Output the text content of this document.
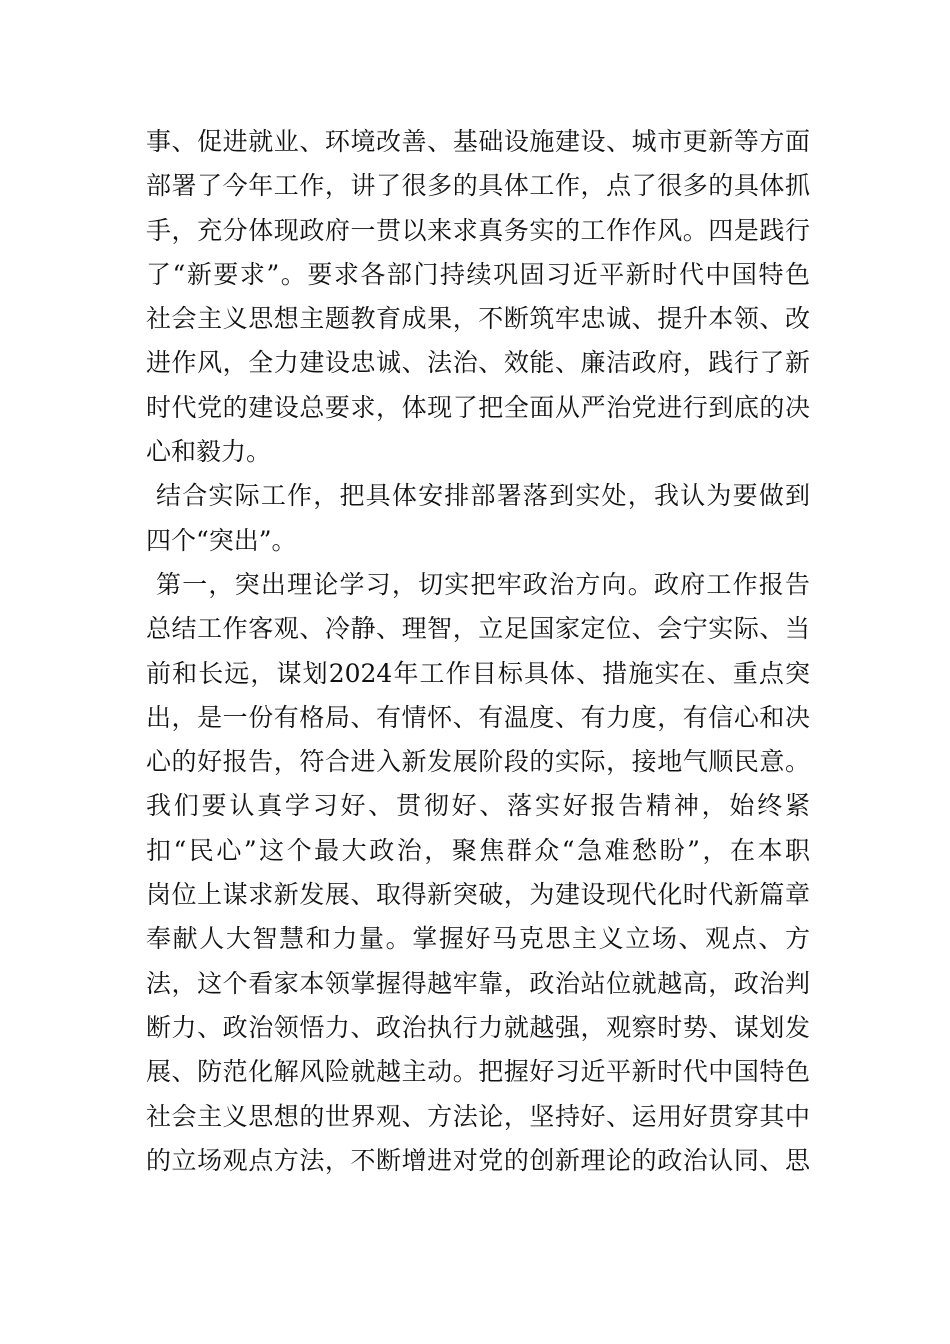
事、促进就业、环境改善、基础设施建设、城市更新等方面
部署了今年工作，讲了很多的具体工作，点了很多的具体抓
手，充分体现政府一贯以来求真务实的工作作风。四是践行
了“新要求”。要求各部门持续巩固习近平新时代中国特色
社会主义思想主题教育成果，不断筑牢忠诚、提升本领、改
进作风，全力建设忠诚、法治、效能、廉洁政府，践行了新
时代党的建设总要求，体现了把全面从严治党进行到底的决
心和毅力。
结合实际工作，把具体安排部署落到实处，我认为要做到
四个“突出”。
第一，突出理论学习，切实把牢政治方向。政府工作报告
总结工作客观、冷静、理智，立足国家定位、会宁实际、当
前和长远，谋划2024年工作目标具体、措施实在、重点突
出，是一份有格局、有情怀、有温度、有力度，有信心和决
心的好报告，符合进入新发展阶段的实际，接地气顺民意。
我们要认真学习好、贯彻好、落实好报告精神，始终紧
扣“民心”这个最大政治，聚焦群众“急难愁盼”，在本职
岗位上谋求新发展、取得新突破，为建设现代化时代新篇章
奉献人大智慧和力量。掌握好马克思主义立场、观点、方
法，这个看家本领掌握得越牢靠，政治站位就越高，政治判
断力、政治领悟力、政治执行力就越强，观察时势、谋划发
展、防范化解风险就越主动。把握好习近平新时代中国特色
社会主义思想的世界观、方法论，坚持好、运用好贯穿其中
的立场观点方法，不断增进对党的创新理论的政治认同、思
